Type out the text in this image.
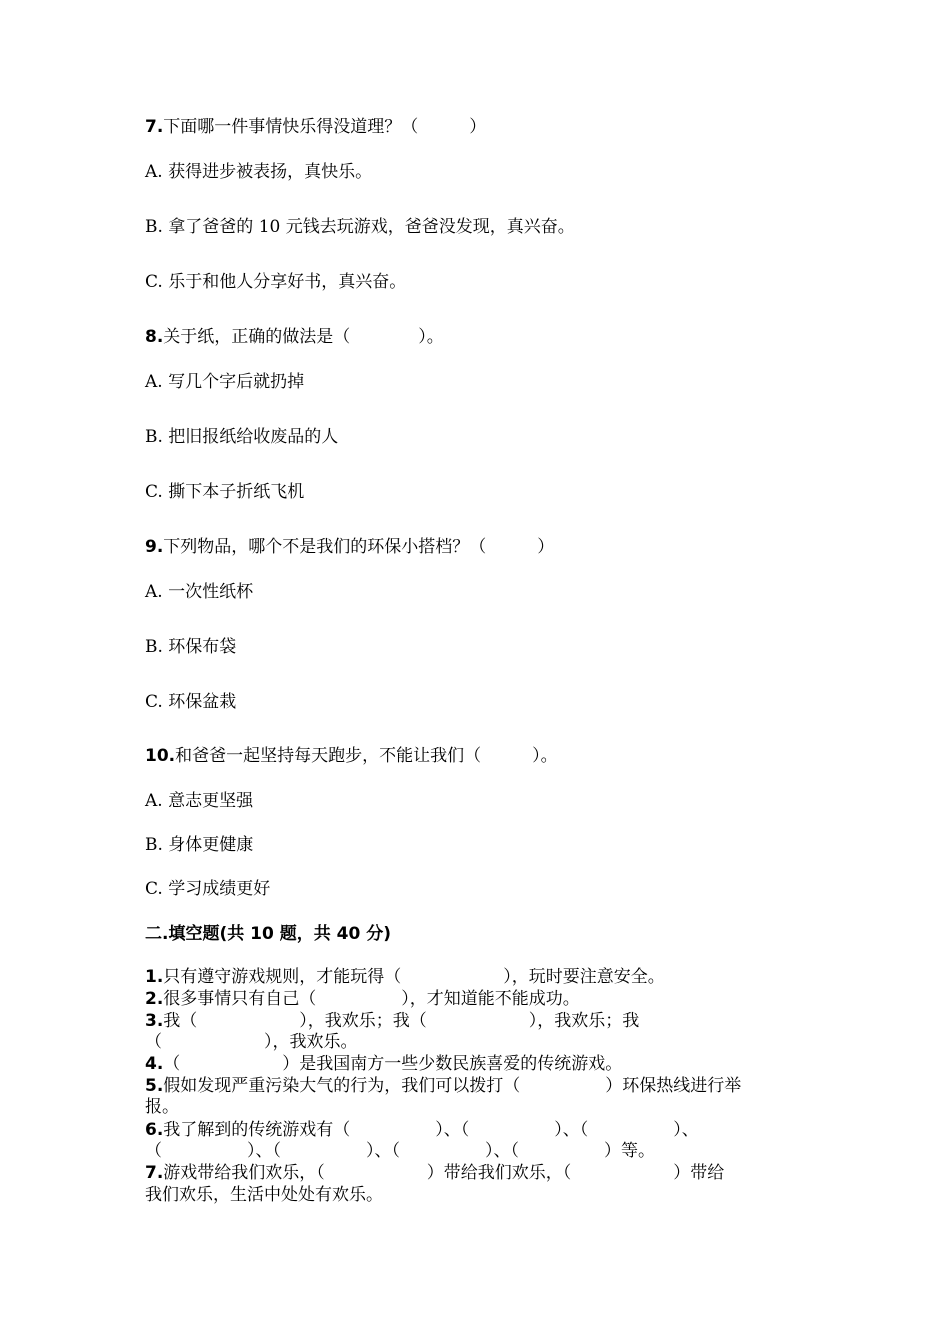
7.下面哪一件事情快乐得没道理？（　　　）
A. 获得进步被表扬，真快乐。
B. 拿了爸爸的 10 元钱去玩游戏，爸爸没发现，真兴奋。
C. 乐于和他人分享好书，真兴奋。
8.关于纸，正确的做法是（　　　　）。
A. 写几个字后就扔掉
B. 把旧报纸给收废品的人
C. 撕下本子折纸飞机
9.下列物品，哪个不是我们的环保小搭档？（　　　）
A. 一次性纸杯
B. 环保布袋
C. 环保盆栽
10.和爸爸一起坚持每天跑步，不能让我们（　　　）。
A. 意志更坚强
B. 身体更健康
C. 学习成绩更好
二.填空题(共 10 题，共 40 分)
1.只有遵守游戏规则，才能玩得（　　　　　　），玩时要注意安全。
2.很多事情只有自己（　　　　　），才知道能不能成功。
3.我（　　　　　　），我欢乐；我（　　　　　　），我欢乐；我
（　　　　　　），我欢乐。
4.（　　　　　　）是我国南方一些少数民族喜爱的传统游戏。
5.假如发现严重污染大气的行为，我们可以拨打（　　　　　）环保热线进行举
报。
6.我了解到的传统游戏有（　　　　　）、（　　　　　）、（　　　　　）、
（　　　　　）、（　　　　　）、（　　　　　）、（　　　　　）等。
7.游戏带给我们欢乐，（　　　　　　）带给我们欢乐，（　　　　　　）带给
我们欢乐，生活中处处有欢乐。
